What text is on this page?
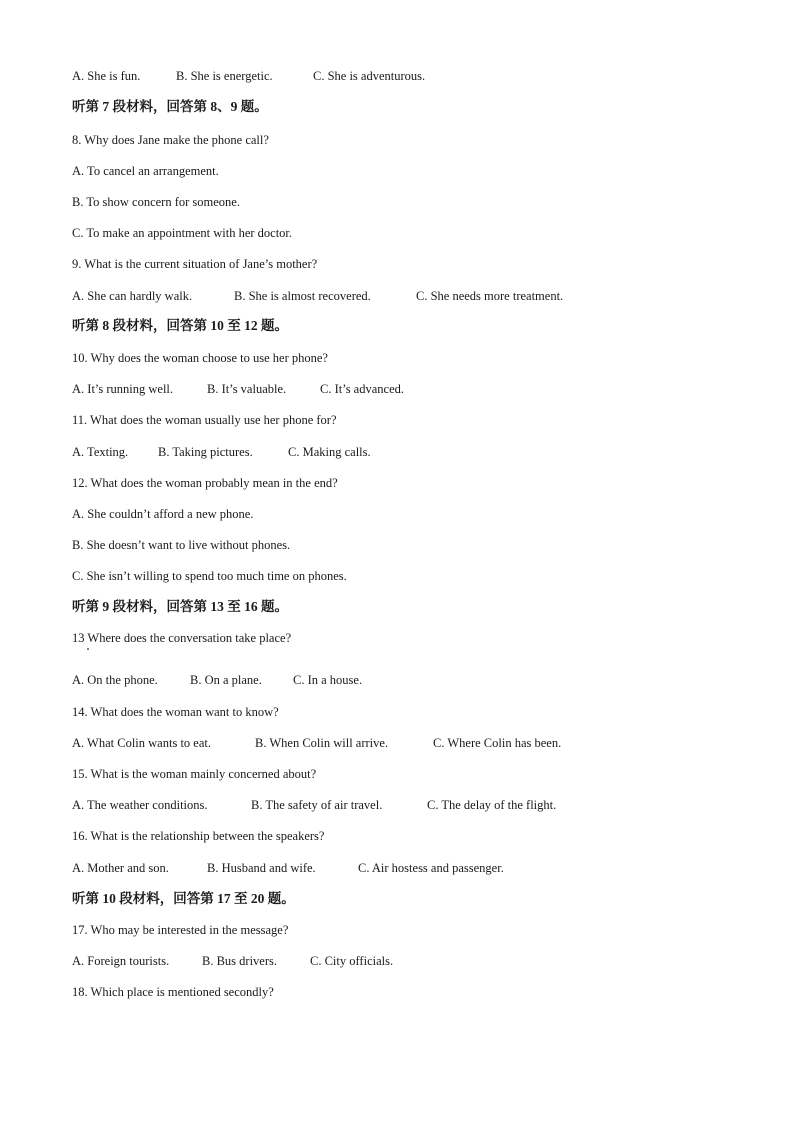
A. She is fun.	B. She is energetic.	C. She is adventurous.
听第 7 段材料，回答第 8、9 题。
8. Why does Jane make the phone call?
A. To cancel an arrangement.
B. To show concern for someone.
C. To make an appointment with her doctor.
9. What is the current situation of Jane’s mother?
A. She can hardly walk.	B. She is almost recovered.	C. She needs more treatment.
听第 8 段材料，回答第 10 至 12 题。
10. Why does the woman choose to use her phone?
A. It’s running well.	B. It’s valuable.	C. It’s advanced.
11. What does the woman usually use her phone for?
A. Texting. B. Taking pictures.	C. Making calls.
12. What does the woman probably mean in the end?
A. She couldn’t afford a new phone.
B. She doesn’t want to live without phones.
C. She isn’t willing to spend too much time on phones.
听第 9 段材料，回答第 13 至 16 题。
13 Where does the conversation take place?
A. On the phone.	B. On a plane. C. In a house.
14. What does the woman want to know?
A. What Colin wants to eat.	B. When Colin will arrive.	C. Where Colin has been.
15. What is the woman mainly concerned about?
A. The weather conditions.	B. The safety of air travel.	C. The delay of the flight.
16. What is the relationship between the speakers?
A. Mother and son.	B. Husband and wife.	C. Air hostess and passenger.
听第 10 段材料，回答第 17 至 20 题。
17. Who may be interested in the message?
A. Foreign tourists.	B. Bus drivers.	C. City officials.
18. Which place is mentioned secondly?
